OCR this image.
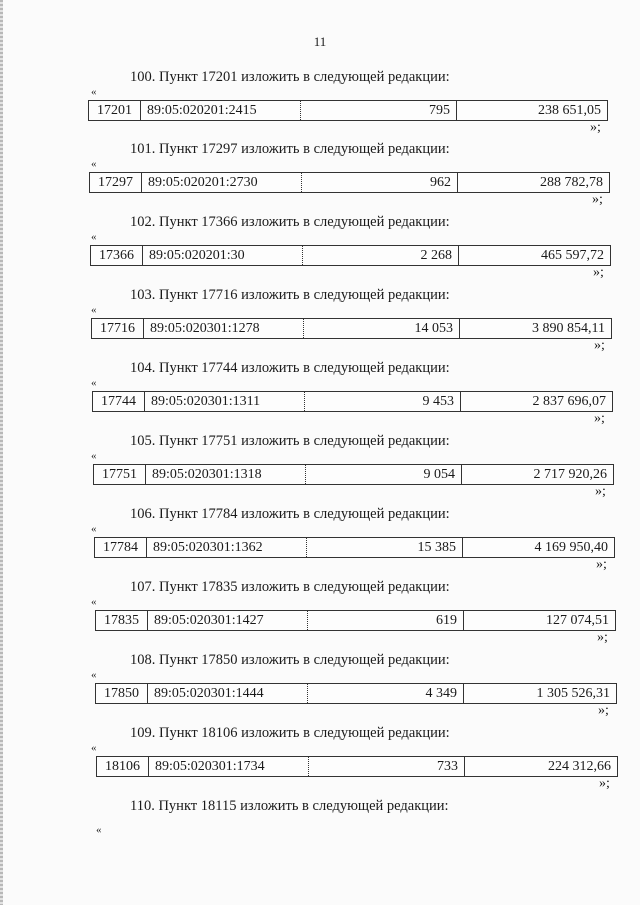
11
100. Пункт 17201 изложить в следующей редакции:
«
17201	89:05:020201:2415	795	238 651,05
»;
101. Пункт 17297 изложить в следующей редакции:
«
17297	89:05:020201:2730	962	288 782,78
»;
102. Пункт 17366 изложить в следующей редакции:
«
17366	89:05:020201:30	2 268	465 597,72
»;
103. Пункт 17716 изложить в следующей редакции:
«
17716	89:05:020301:1278	14 053	3 890 854,11
»;
104. Пункт 17744 изложить в следующей редакции:
«
17744	89:05:020301:1311	9 453	2 837 696,07
»;
105. Пункт 17751 изложить в следующей редакции:
«
17751	89:05:020301:1318	9 054	2 717 920,26
»;
106. Пункт 17784 изложить в следующей редакции:
«
17784	89:05:020301:1362	15 385	4 169 950,40
»;
107. Пункт 17835 изложить в следующей редакции:
«
17835	89:05:020301:1427	619	127 074,51
»;
108. Пункт 17850 изложить в следующей редакции:
«
17850	89:05:020301:1444	4 349	1 305 526,31
»;
109. Пункт 18106 изложить в следующей редакции:
«
18106	89:05:020301:1734	733	224 312,66
»;
110. Пункт 18115 изложить в следующей редакции:
«
